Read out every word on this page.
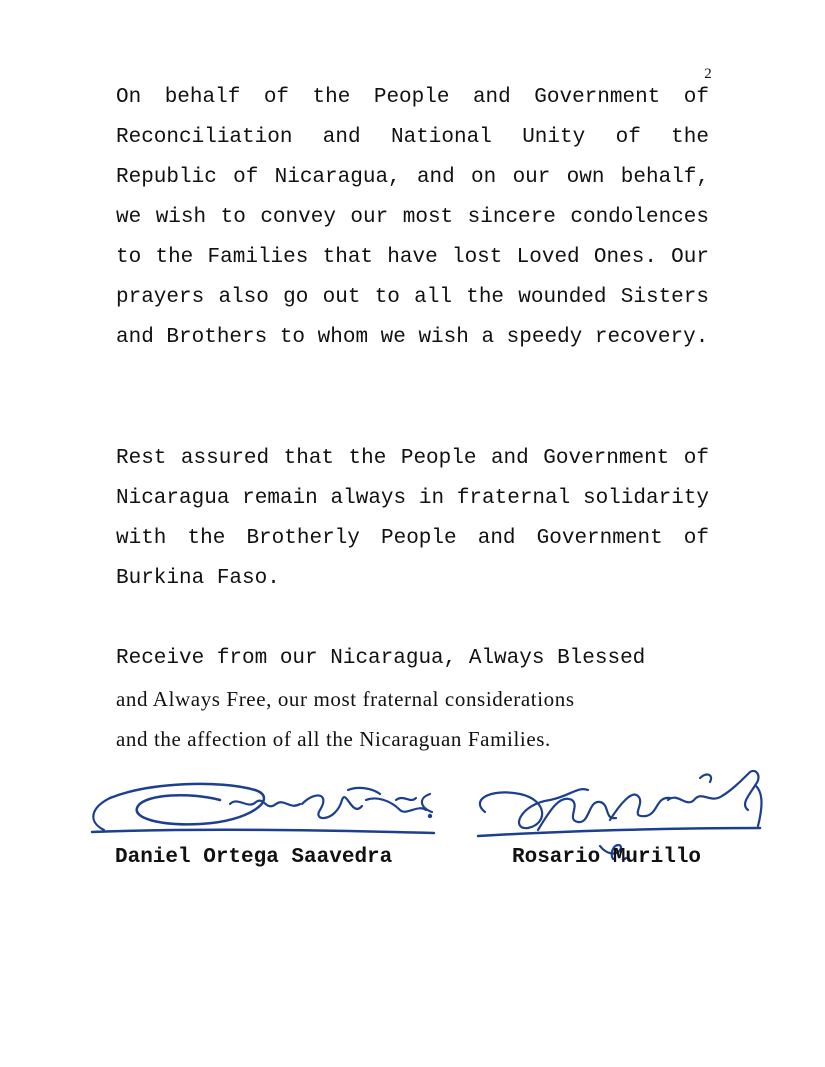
2

On behalf of the People and Government of Reconciliation and National Unity of the Republic of Nicaragua, and on our own behalf, we wish to convey our most sincere condolences to the Families that have lost Loved Ones. Our prayers also go out to all the wounded Sisters and Brothers to whom we wish a speedy recovery.

Rest assured that the People and Government of Nicaragua remain always in fraternal solidarity with the Brotherly People and Government of Burkina Faso.

Receive from our Nicaragua, Always Blessed
and Always Free, our most fraternal considerations
and the affection of all the Nicaraguan Families.

Daniel Ortega Saavedra	Rosario Murillo
